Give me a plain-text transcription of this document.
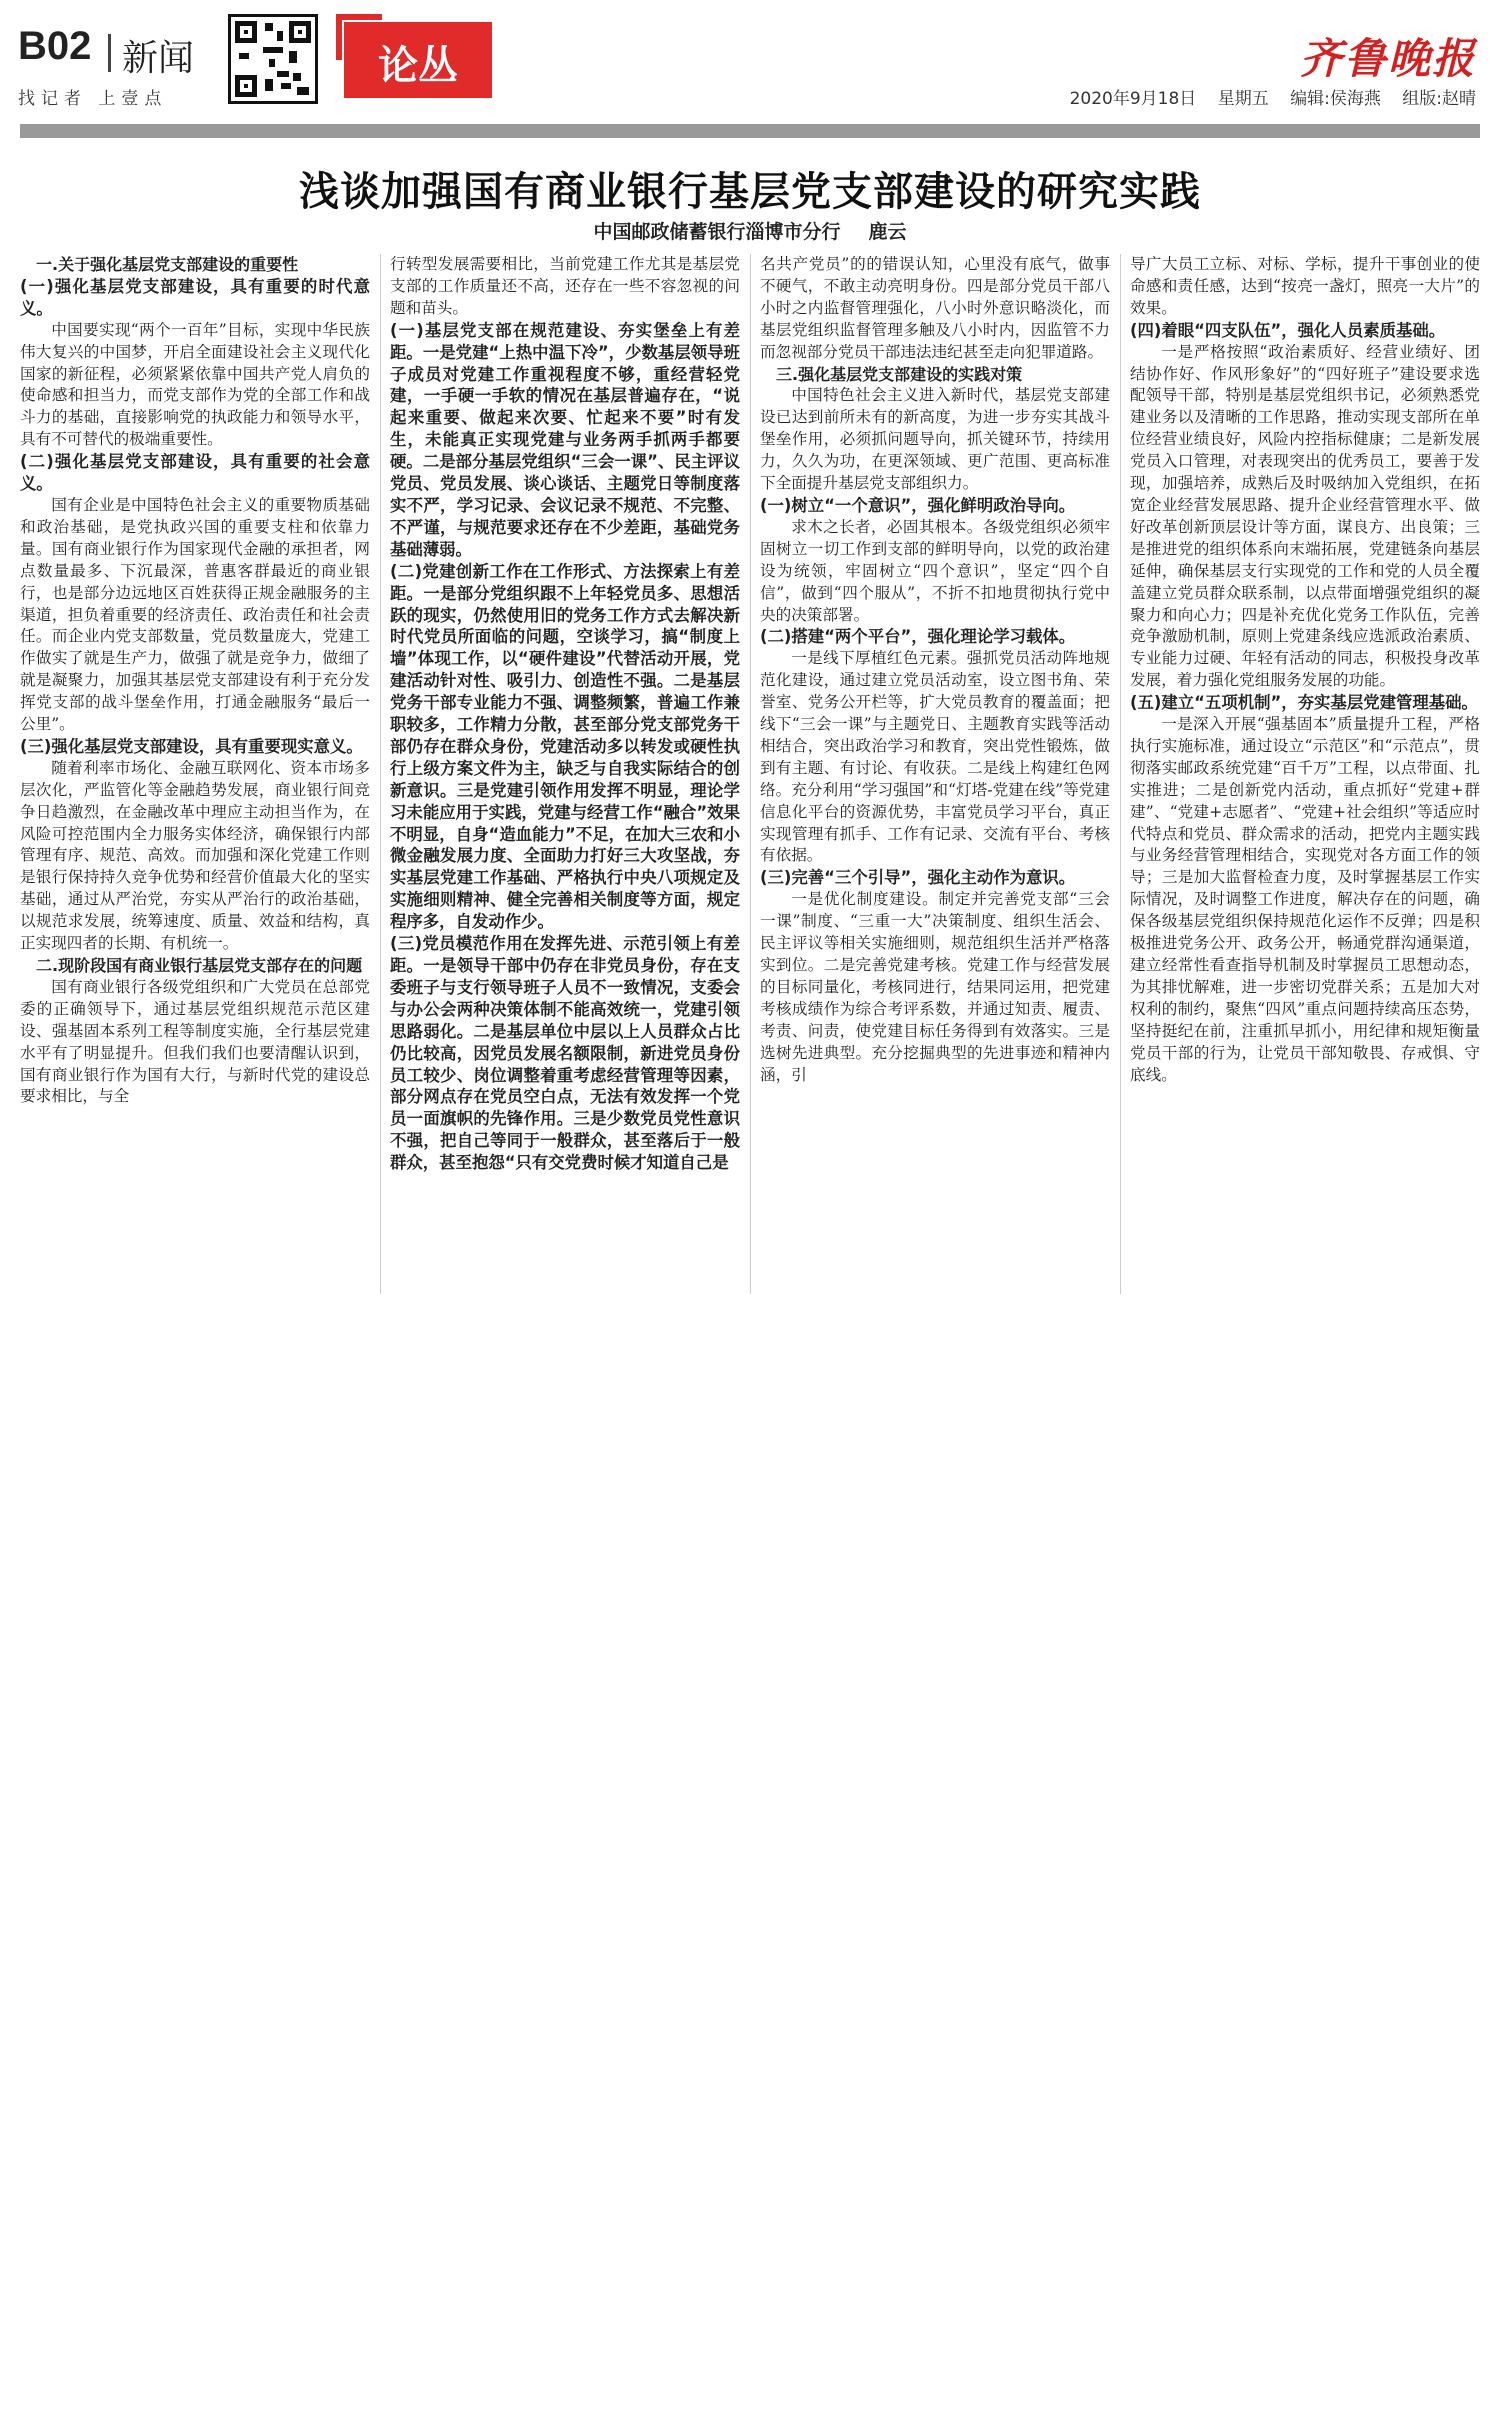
B02 新闻
找记者 上壹点
论丛	齐鲁晚报
2020年9月18日 星期五 编辑:侯海燕 组版:赵晴
浅谈加强国有商业银行基层党支部建设的研究实践
中国邮政储蓄银行淄博市分行 鹿云

一.关于强化基层党支部建设的重要性

(一)强化基层党支部建设，具有重要的时代意义。

中国要实现“两个一百年”目标，实现中华民族伟大复兴的中国梦，开启全面建设社会主义现代化国家的新征程，必须紧紧依靠中国共产党人肩负的使命感和担当力，而党支部作为党的全部工作和战斗力的基础，直接影响党的执政能力和领导水平，具有不可替代的极端重要性。

(二)强化基层党支部建设，具有重要的社会意义。

国有企业是中国特色社会主义的重要物质基础和政治基础，是党执政兴国的重要支柱和依靠力量。国有商业银行作为国家现代金融的承担者，网点数量最多、下沉最深，普惠客群最近的商业银行，也是部分边远地区百姓获得正规金融服务的主渠道，担负着重要的经济责任、政治责任和社会责任。而企业内党支部数量，党员数量庞大，党建工作做实了就是生产力，做强了就是竞争力，做细了就是凝聚力，加强其基层党支部建设有利于充分发挥党支部的战斗堡垒作用，打通金融服务“最后一公里”。

(三)强化基层党支部建设，具有重要现实意义。

随着利率市场化、金融互联网化、资本市场多层次化，严监管化等金融趋势发展，商业银行间竞争日趋激烈，在金融改革中理应主动担当作为，在风险可控范围内全力服务实体经济，确保银行内部管理有序、规范、高效。而加强和深化党建工作则是银行保持持久竞争优势和经营价值最大化的坚实基础，通过从严治党，夯实从严治行的政治基础，以规范求发展，统筹速度、质量、效益和结构，真正实现四者的长期、有机统一。

二.现阶段国有商业银行基层党支部存在的问题

国有商业银行各级党组织和广大党员在总部党委的正确领导下，通过基层党组织规范示范区建设、强基固本系列工程等制度实施，全行基层党建水平有了明显提升。但我们我们也要清醒认识到，国有商业银行作为国有大行，与新时代党的建设总要求相比，与全

行转型发展需要相比，当前党建工作尤其是基层党支部的工作质量还不高，还存在一些不容忽视的问题和苗头。

(一)基层党支部在规范建设、夯实堡垒上有差距。一是党建“上热中温下冷”，少数基层领导班子成员对党建工作重视程度不够，重经营轻党建，一手硬一手软的情况在基层普遍存在，“说起来重要、做起来次要、忙起来不要”时有发生，未能真正实现党建与业务两手抓两手都要硬。二是部分基层党组织“三会一课”、民主评议党员、党员发展、谈心谈话、主题党日等制度落实不严，学习记录、会议记录不规范、不完整、不严谨，与规范要求还存在不少差距，基础党务基础薄弱。

(二)党建创新工作在工作形式、方法探索上有差距。一是部分党组织跟不上年轻党员多、思想活跃的现实，仍然使用旧的党务工作方式去解决新时代党员所面临的问题，空谈学习，搞“制度上墙”体现工作，以“硬件建设”代替活动开展，党建活动针对性、吸引力、创造性不强。二是基层党务干部专业能力不强、调整频繁，普遍工作兼职较多，工作精力分散，甚至部分党支部党务干部仍存在群众身份，党建活动多以转发或硬性执行上级方案文件为主，缺乏与自我实际结合的创新意识。三是党建引领作用发挥不明显，理论学习未能应用于实践，党建与经营工作“融合”效果不明显，自身“造血能力”不足，在加大三农和小微金融发展力度、全面助力打好三大攻坚战，夯实基层党建工作基础、严格执行中央八项规定及实施细则精神、健全完善相关制度等方面，规定程序多，自发动作少。

(三)党员模范作用在发挥先进、示范引领上有差距。一是领导干部中仍存在非党员身份，存在支委班子与支行领导班子人员不一致情况，支委会与办公会两种决策体制不能高效统一，党建引领思路弱化。二是基层单位中层以上人员群众占比仍比较高，因党员发展名额限制，新进党员身份员工较少、岗位调整着重考虑经营管理等因素，部分网点存在党员空白点，无法有效发挥一个党员一面旗帜的先锋作用。三是少数党员党性意识不强，把自己等同于一般群众，甚至落后于一般群众，甚至抱怨“只有交党费时候才知道自己是

名共产党员”的的错误认知，心里没有底气，做事不硬气，不敢主动亮明身份。四是部分党员干部八小时之内监督管理强化，八小时外意识略淡化，而基层党组织监督管理多触及八小时内，因监管不力而忽视部分党员干部违法违纪甚至走向犯罪道路。

三.强化基层党支部建设的实践对策

中国特色社会主义进入新时代，基层党支部建设已达到前所未有的新高度，为进一步夯实其战斗堡垒作用，必须抓问题导向，抓关键环节，持续用力，久久为功，在更深领域、更广范围、更高标准下全面提升基层党支部组织力。

(一)树立“一个意识”，强化鲜明政治导向。

求木之长者，必固其根本。各级党组织必须牢固树立一切工作到支部的鲜明导向，以党的政治建设为统领，牢固树立“四个意识”，坚定“四个自信”，做到“四个服从”，不折不扣地贯彻执行党中央的决策部署。

(二)搭建“两个平台”，强化理论学习载体。

一是线下厚植红色元素。强抓党员活动阵地规范化建设，通过建立党员活动室，设立图书角、荣誉室、党务公开栏等，扩大党员教育的覆盖面；把线下“三会一课”与主题党日、主题教育实践等活动相结合，突出政治学习和教育，突出党性锻炼，做到有主题、有讨论、有收获。二是线上构建红色网络。充分利用“学习强国”和“灯塔-党建在线”等党建信息化平台的资源优势，丰富党员学习平台，真正实现管理有抓手、工作有记录、交流有平台、考核有依据。

(三)完善“三个引导”，强化主动作为意识。

一是优化制度建设。制定并完善党支部“三会一课”制度、“三重一大”决策制度、组织生活会、民主评议等相关实施细则，规范组织生活并严格落实到位。二是完善党建考核。党建工作与经营发展的目标同量化，考核同进行，结果同运用，把党建考核成绩作为综合考评系数，并通过知责、履责、考责、问责，使党建目标任务得到有效落实。三是选树先进典型。充分挖掘典型的先进事迹和精神内涵，引

导广大员工立标、对标、学标，提升干事创业的使命感和责任感，达到“按亮一盏灯，照亮一大片”的效果。

(四)着眼“四支队伍”，强化人员素质基础。

一是严格按照“政治素质好、经营业绩好、团结协作好、作风形象好”的“四好班子”建设要求选配领导干部，特别是基层党组织书记，必须熟悉党建业务以及清晰的工作思路，推动实现支部所在单位经营业绩良好，风险内控指标健康；二是新发展党员入口管理，对表现突出的优秀员工，要善于发现，加强培养，成熟后及时吸纳加入党组织，在拓宽企业经营发展思路、提升企业经营管理水平、做好改革创新顶层设计等方面，谋良方、出良策；三是推进党的组织体系向末端拓展，党建链条向基层延伸，确保基层支行实现党的工作和党的人员全覆盖建立党员群众联系制，以点带面增强党组织的凝聚力和向心力；四是补充优化党务工作队伍，完善竞争激励机制，原则上党建条线应选派政治素质、专业能力过硬、年轻有活动的同志，积极投身改革发展，着力强化党组服务发展的功能。

(五)建立“五项机制”，夯实基层党建管理基础。

一是深入开展“强基固本”质量提升工程，严格执行实施标准，通过设立“示范区”和“示范点”，贯彻落实邮政系统党建“百千万”工程，以点带面、扎实推进；二是创新党内活动，重点抓好“党建+群建”、“党建+志愿者”、“党建+社会组织”等适应时代特点和党员、群众需求的活动，把党内主题实践与业务经营管理相结合，实现党对各方面工作的领导；三是加大监督检查力度，及时掌握基层工作实际情况，及时调整工作进度，解决存在的问题，确保各级基层党组织保持规范化运作不反弹；四是积极推进党务公开、政务公开，畅通党群沟通渠道，建立经常性看查指导机制及时掌握员工思想动态，为其排忧解难，进一步密切党群关系；五是加大对权利的制约，聚焦“四风”重点问题持续高压态势，坚持挺纪在前，注重抓早抓小，用纪律和规矩衡量党员干部的行为，让党员干部知敬畏、存戒惧、守底线。
